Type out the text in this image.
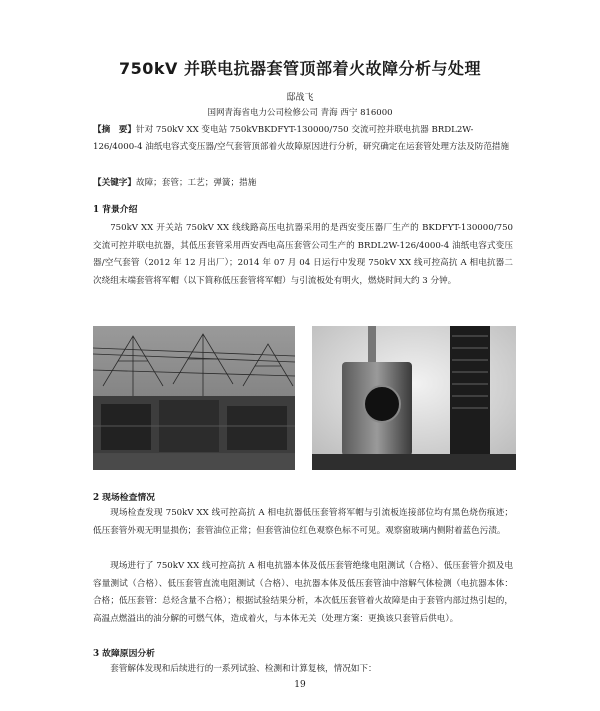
750kV 并联电抗器套管顶部着火故障分析与处理
邸战飞
国网青海省电力公司检修公司 青海 西宁 816000
【摘　要】针对 750kV XX 变电站 750kVBKDFYT-130000/750 交流可控并联电抗器 BRDL2W-126/4000-4 油纸电容式变压器/空气套管顶部着火故障原因进行分析，研究确定在运套管处理方法及防范措施
【关键字】故障；套管；工艺；弹簧；措施
1 背景介绍

750kV XX 开关站 750kV XX 线线路高压电抗器采用的是西安变压器厂生产的 BKDFYT-130000/750 交流可控并联电抗器，其低压套管采用西安西电高压套管公司生产的 BRDL2W-126/4000-4 油纸电容式变压器/空气套管（2012 年 12 月出厂）；2014 年 07 月 04 日运行中发现 750kV XX 线可控高抗 A 相电抗器二次绕组末端套管将军帽（以下简称低压套管将军帽）与引流板处有明火，燃烧时间大约 3 分钟。

2 现场检查情况

现场检查发现 750kV XX 线可控高抗 A 相电抗器低压套管将军帽与引流板连接部位均有黑色烧伤痕迹；低压套管外观无明显损伤；套管油位正常；但套管油位红色观察色标不可见。观察窗玻璃内侧附着蓝色污渍。

现场进行了 750kV XX 线可控高抗 A 相电抗器本体及低压套管绝缘电阻测试（合格）、低压套管介损及电容量测试（合格）、低压套管直流电阻测试（合格）、电抗器本体及低压套管油中溶解气体检测（电抗器本体：合格；低压套管：总烃含量不合格）；根据试验结果分析，本次低压套管着火故障是由于套管内部过热引起的，高温点燃溢出的油分解的可燃气体，造成着火，与本体无关（处理方案：更换该只套管后供电）。

3 故障原因分析

套管解体发现和后续进行的一系列试验、检测和计算复核，情况如下：

19
